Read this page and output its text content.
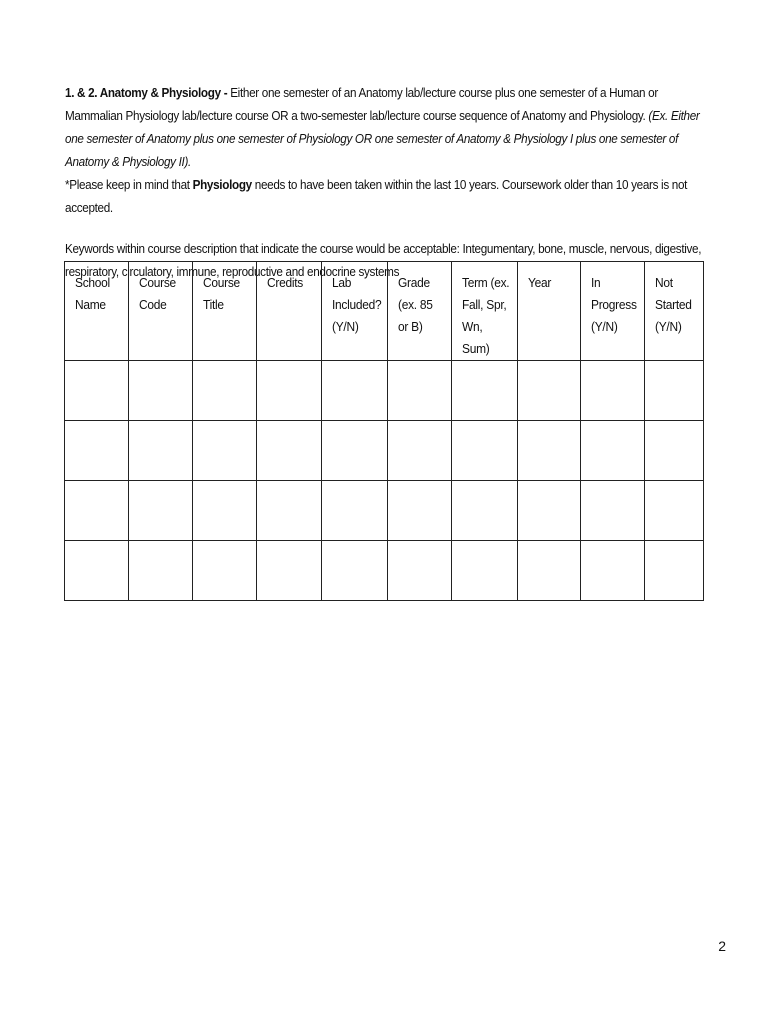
1. & 2. Anatomy & Physiology - Either one semester of an Anatomy lab/lecture course plus one semester of a Human or Mammalian Physiology lab/lecture course OR a two-semester lab/lecture course sequence of Anatomy and Physiology. (Ex. Either one semester of Anatomy plus one semester of Physiology OR one semester of Anatomy & Physiology I plus one semester of Anatomy & Physiology II).
*Please keep in mind that Physiology needs to have been taken within the last 10 years. Coursework older than 10 years is not accepted.

Keywords within course description that indicate the course would be acceptable: Integumentary, bone, muscle, nervous, digestive, respiratory, circulatory, immune, reproductive and endocrine systems

School
Name	Course
Code	Course
Title	Credits	Lab
Included?
(Y/N)	Grade
(ex. 85
or B)	Term (ex.
Fall, Spr,
Wn, Sum)	Year	In
Progress
(Y/N)	Not
Started
(Y/N)

2
